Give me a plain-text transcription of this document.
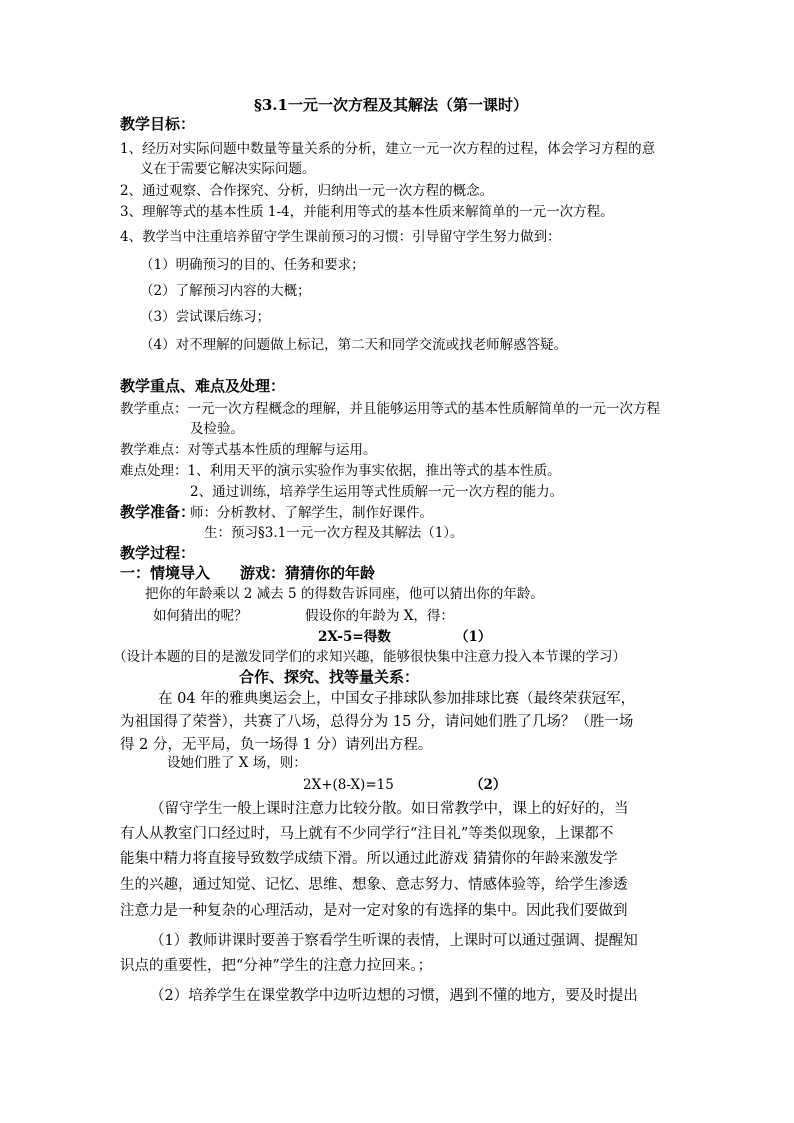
§3.1一元一次方程及其解法（第一课时）
教学目标：
1、经历对实际问题中数量等量关系的分析，建立一元一次方程的过程，体会学习方程的意
义在于需要它解决实际问题。
2、通过观察、合作探究、分析，归纳出一元一次方程的概念。
3、理解等式的基本性质 1-4，并能利用等式的基本性质来解简单的一元一次方程。
4、教学当中注重培养留守学生课前预习的习惯：引导留守学生努力做到：
（1）明确预习的目的、任务和要求；
（2）了解预习内容的大概；
（3）尝试课后练习；
（4）对不理解的问题做上标记，第二天和同学交流或找老师解惑答疑。
教学重点、难点及处理：
教学重点：一元一次方程概念的理解，并且能够运用等式的基本性质解简单的一元一次方程
及检验。
教学难点：对等式基本性质的理解与运用。
难点处理：1、利用天平的演示实验作为事实依据，推出等式的基本性质。
2、通过训练，培养学生运用等式性质解一元一次方程的能力。
教学准备：
师：分析教材、了解学生，制作好课件。
生：预习§3.1一元一次方程及其解法（1）。
教学过程：
一：情境导入　　游戏：猜猜你的年龄
把你的年龄乘以 2 减去 5 的得数告诉同座，他可以猜出你的年龄。
如何猜出的呢？	假设你的年龄为 X，得：
2X-5=得数	（1）
（设计本题的目的是激发同学们的求知兴趣，能够很快集中注意力投入本节课的学习）
合作、探究、找等量关系：
在 04 年的雅典奥运会上，中国女子排球队参加排球比赛（最终荣获冠军，
为祖国得了荣誉），共赛了八场，总得分为 15 分，请问她们胜了几场？（胜一场
得 2 分，无平局，负一场得 1 分）请列出方程。
设她们胜了 X 场，则：
2X+(8-X)=15	（2）
（留守学生一般上课时注意力比较分散。如日常教学中，课上的好好的，当
有人从教室门口经过时，马上就有不少同学行“注目礼”等类似现象，上课都不
能集中精力将直接导致数学成绩下滑。所以通过此游戏 猜猜你的年龄来激发学
生的兴趣，通过知觉、记忆、思维、想象、意志努力、情感体验等，给学生渗透
注意力是一种复杂的心理活动，是对一定对象的有选择的集中。因此我们要做到
（1）教师讲课时要善于察看学生听课的表情，上课时可以通过强调、提醒知
识点的重要性，把“分神”学生的注意力拉回来。；
（2）培养学生在课堂教学中边听边想的习惯，遇到不懂的地方，要及时提出
